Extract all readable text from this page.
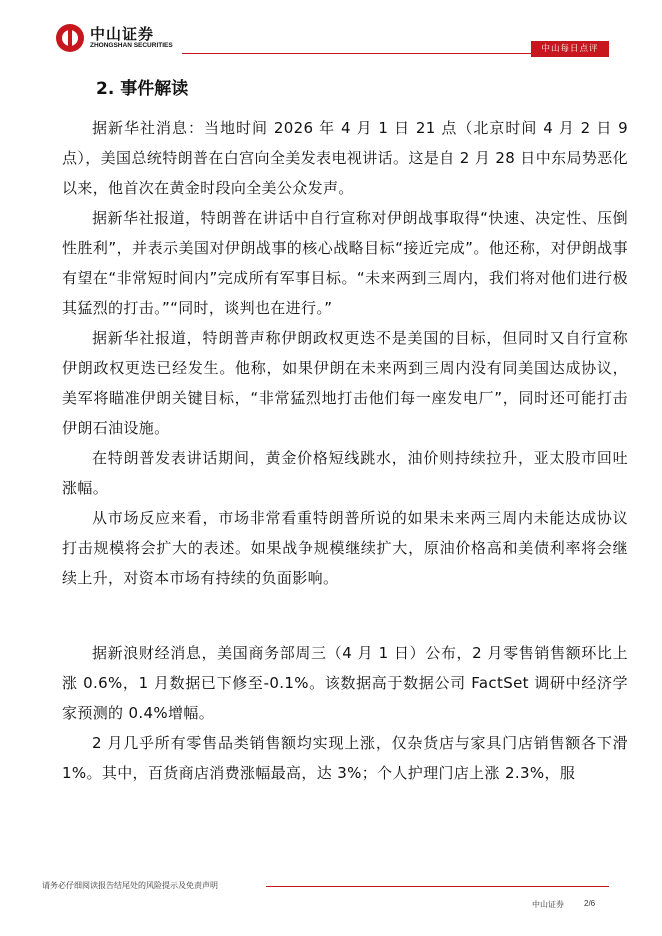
中山证券
ZHONGSHAN SECURITIES	中山每日点评
2. 事件解读

据新华社消息：当地时间 2026 年 4 月 1 日 21 点（北京时间 4 月 2 日 9 点），美国总统特朗普在白宫向全美发表电视讲话。这是自 2 月 28 日中东局势恶化以来，他首次在黄金时段向全美公众发声。

据新华社报道，特朗普在讲话中自行宣称对伊朗战事取得“快速、决定性、压倒性胜利”，并表示美国对伊朗战事的核心战略目标“接近完成”。他还称，对伊朗战事有望在“非常短时间内”完成所有军事目标。“未来两到三周内，我们将对他们进行极其猛烈的打击。”“同时，谈判也在进行。”

据新华社报道，特朗普声称伊朗政权更迭不是美国的目标，但同时又自行宣称伊朗政权更迭已经发生。他称，如果伊朗在未来两到三周内没有同美国达成协议，美军将瞄准伊朗关键目标，“非常猛烈地打击他们每一座发电厂”，同时还可能打击伊朗石油设施。

在特朗普发表讲话期间，黄金价格短线跳水，油价则持续拉升，亚太股市回吐涨幅。

从市场反应来看，市场非常看重特朗普所说的如果未来两三周内未能达成协议打击规模将会扩大的表述。如果战争规模继续扩大，原油价格高和美债利率将会继续上升，对资本市场有持续的负面影响。

据新浪财经消息，美国商务部周三（4 月 1 日）公布，2 月零售销售额环比上涨 0.6%，1 月数据已下修至-0.1%。该数据高于数据公司 FactSet 调研中经济学家预测的 0.4%增幅。

2 月几乎所有零售品类销售额均实现上涨，仅杂货店与家具门店销售额各下滑 1%。其中，百货商店消费涨幅最高，达 3%；个人护理门店上涨 2.3%，服

请务必仔细阅读报告结尾处的风险提示及免责声明
中山证券	2/6
